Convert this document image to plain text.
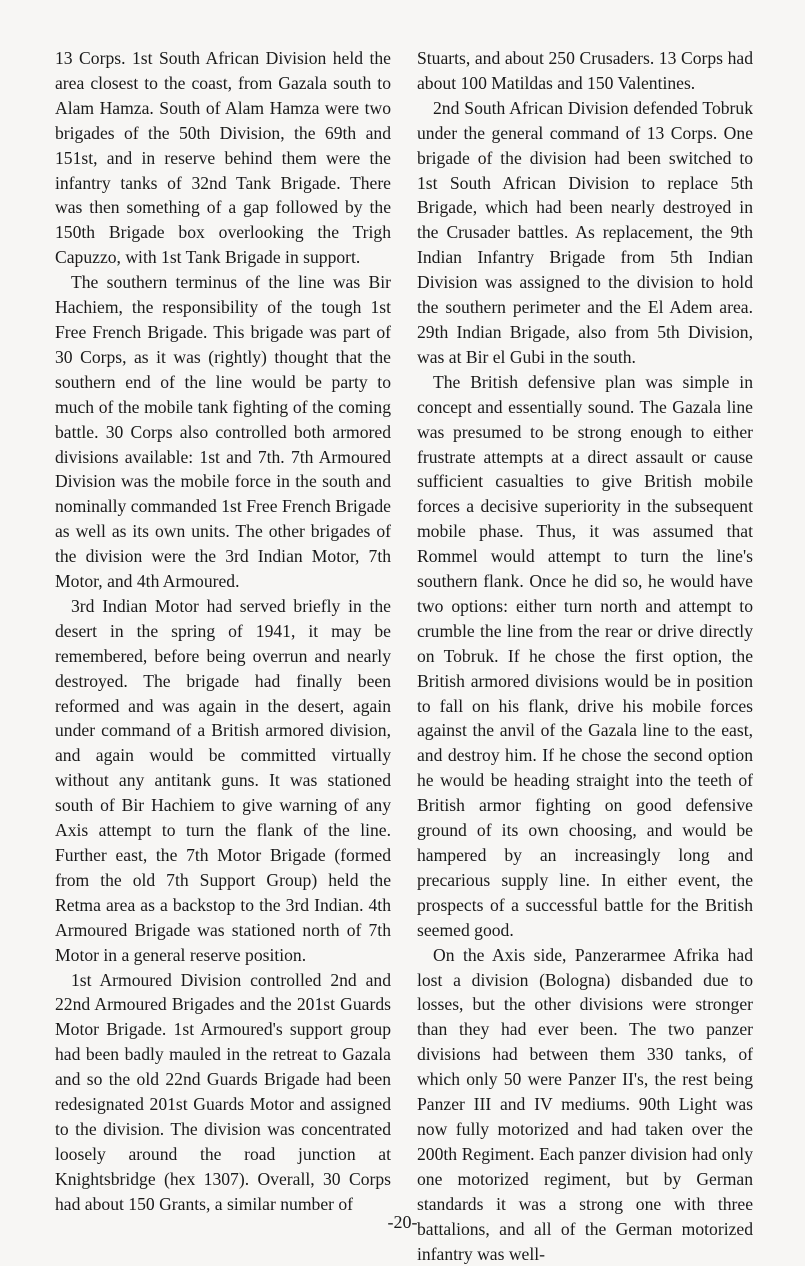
13 Corps. 1st South African Division held the area closest to the coast, from Gazala south to Alam Hamza. South of Alam Hamza were two brigades of the 50th Division, the 69th and 151st, and in reserve behind them were the infantry tanks of 32nd Tank Brigade. There was then something of a gap followed by the 150th Brigade box overlooking the Trigh Capuzzo, with 1st Tank Brigade in support.

The southern terminus of the line was Bir Hachiem, the responsibility of the tough 1st Free French Brigade. This brigade was part of 30 Corps, as it was (rightly) thought that the southern end of the line would be party to much of the mobile tank fighting of the coming battle. 30 Corps also controlled both armored divisions available: 1st and 7th. 7th Armoured Division was the mobile force in the south and nominally commanded 1st Free French Brigade as well as its own units. The other brigades of the division were the 3rd Indian Motor, 7th Motor, and 4th Armoured.

3rd Indian Motor had served briefly in the desert in the spring of 1941, it may be remembered, before being overrun and nearly destroyed. The brigade had finally been reformed and was again in the desert, again under command of a British armored division, and again would be committed virtually without any antitank guns. It was stationed south of Bir Hachiem to give warning of any Axis attempt to turn the flank of the line. Further east, the 7th Motor Brigade (formed from the old 7th Support Group) held the Retma area as a backstop to the 3rd Indian. 4th Armoured Brigade was stationed north of 7th Motor in a general reserve position.

1st Armoured Division controlled 2nd and 22nd Armoured Brigades and the 201st Guards Motor Brigade. 1st Armoured's support group had been badly mauled in the retreat to Gazala and so the old 22nd Guards Brigade had been redesignated 201st Guards Motor and assigned to the division. The division was concentrated loosely around the road junction at Knightsbridge (hex 1307). Overall, 30 Corps had about 150 Grants, a similar number of

Stuarts, and about 250 Crusaders. 13 Corps had about 100 Matildas and 150 Valentines.

2nd South African Division defended Tobruk under the general command of 13 Corps. One brigade of the division had been switched to 1st South African Division to replace 5th Brigade, which had been nearly destroyed in the Crusader battles. As replacement, the 9th Indian Infantry Brigade from 5th Indian Division was assigned to the division to hold the southern perimeter and the El Adem area. 29th Indian Brigade, also from 5th Division, was at Bir el Gubi in the south.

The British defensive plan was simple in concept and essentially sound. The Gazala line was presumed to be strong enough to either frustrate attempts at a direct assault or cause sufficient casualties to give British mobile forces a decisive superiority in the subsequent mobile phase. Thus, it was assumed that Rommel would attempt to turn the line's southern flank. Once he did so, he would have two options: either turn north and attempt to crumble the line from the rear or drive directly on Tobruk. If he chose the first option, the British armored divisions would be in position to fall on his flank, drive his mobile forces against the anvil of the Gazala line to the east, and destroy him. If he chose the second option he would be heading straight into the teeth of British armor fighting on good defensive ground of its own choosing, and would be hampered by an increasingly long and precarious supply line. In either event, the prospects of a successful battle for the British seemed good.

On the Axis side, Panzerarmee Afrika had lost a division (Bologna) disbanded due to losses, but the other divisions were stronger than they had ever been. The two panzer divisions had between them 330 tanks, of which only 50 were Panzer II's, the rest being Panzer III and IV mediums. 90th Light was now fully motorized and had taken over the 200th Regiment. Each panzer division had only one motorized regiment, but by German standards it was a strong one with three battalions, and all of the German motorized infantry was well-

-20-
